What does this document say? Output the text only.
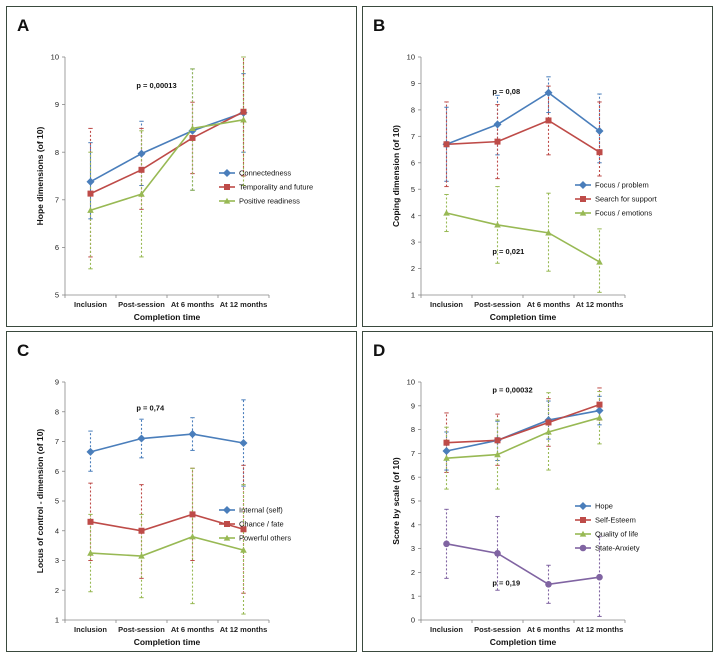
5
6
7
8
9
10
Inclusion Post-session At 6 months At 12 months
Completion time
Hope dimensions (of 10)
A
p = 0,00013
Connectedness
Temporality and future
Positive readiness
1
2
3
4
5
6
7
8
9
10
Inclusion Post-session At 6 months At 12 months
Completion time
Coping dimension (of 10)
B
p = 0,08
p = 0,021
Focus / problem
Search for support
Focus / emotions
1
2
3
4
5
6
7
8
9
Inclusion Post-session At 6 months At 12 months
Completion time
Locus of control - dimension (of 10)
C
p = 0,74
Internal (self)
Chance / fate
Powerful others
0
1
2
3
4
5
6
7
8
9
10
Inclusion Post-session At 6 months At 12 months
Completion time
Score by scale (of 10)
D
p = 0,00032
p = 0,19
Hope
Self-Esteem
Quality of life
State-Anxiety
